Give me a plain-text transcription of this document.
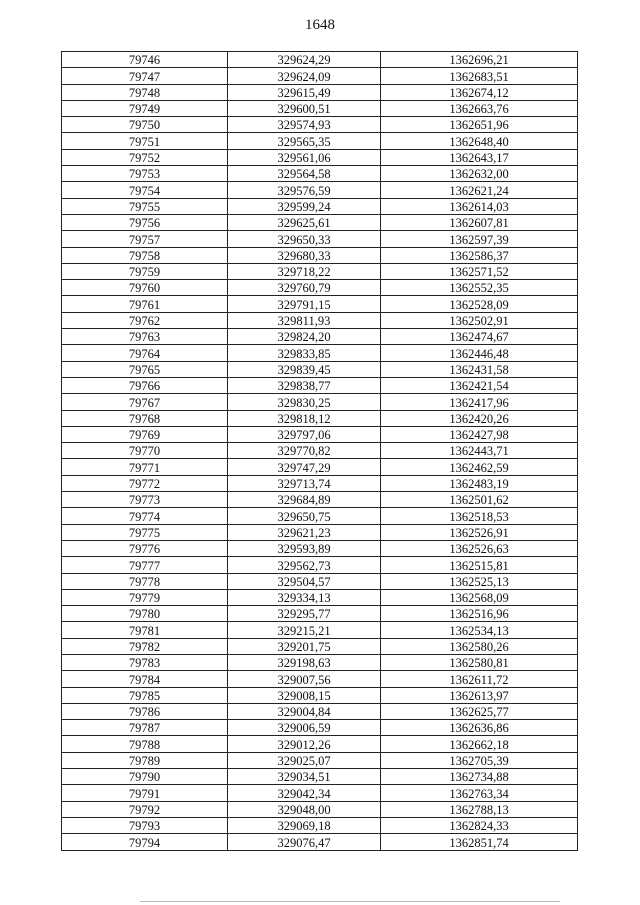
1648
79746	329624,29	1362696,21
79747	329624,09	1362683,51
79748	329615,49	1362674,12
79749	329600,51	1362663,76
79750	329574,93	1362651,96
79751	329565,35	1362648,40
79752	329561,06	1362643,17
79753	329564,58	1362632,00
79754	329576,59	1362621,24
79755	329599,24	1362614,03
79756	329625,61	1362607,81
79757	329650,33	1362597,39
79758	329680,33	1362586,37
79759	329718,22	1362571,52
79760	329760,79	1362552,35
79761	329791,15	1362528,09
79762	329811,93	1362502,91
79763	329824,20	1362474,67
79764	329833,85	1362446,48
79765	329839,45	1362431,58
79766	329838,77	1362421,54
79767	329830,25	1362417,96
79768	329818,12	1362420,26
79769	329797,06	1362427,98
79770	329770,82	1362443,71
79771	329747,29	1362462,59
79772	329713,74	1362483,19
79773	329684,89	1362501,62
79774	329650,75	1362518,53
79775	329621,23	1362526,91
79776	329593,89	1362526,63
79777	329562,73	1362515,81
79778	329504,57	1362525,13
79779	329334,13	1362568,09
79780	329295,77	1362516,96
79781	329215,21	1362534,13
79782	329201,75	1362580,26
79783	329198,63	1362580,81
79784	329007,56	1362611,72
79785	329008,15	1362613,97
79786	329004,84	1362625,77
79787	329006,59	1362636,86
79788	329012,26	1362662,18
79789	329025,07	1362705,39
79790	329034,51	1362734,88
79791	329042,34	1362763,34
79792	329048,00	1362788,13
79793	329069,18	1362824,33
79794	329076,47	1362851,74
